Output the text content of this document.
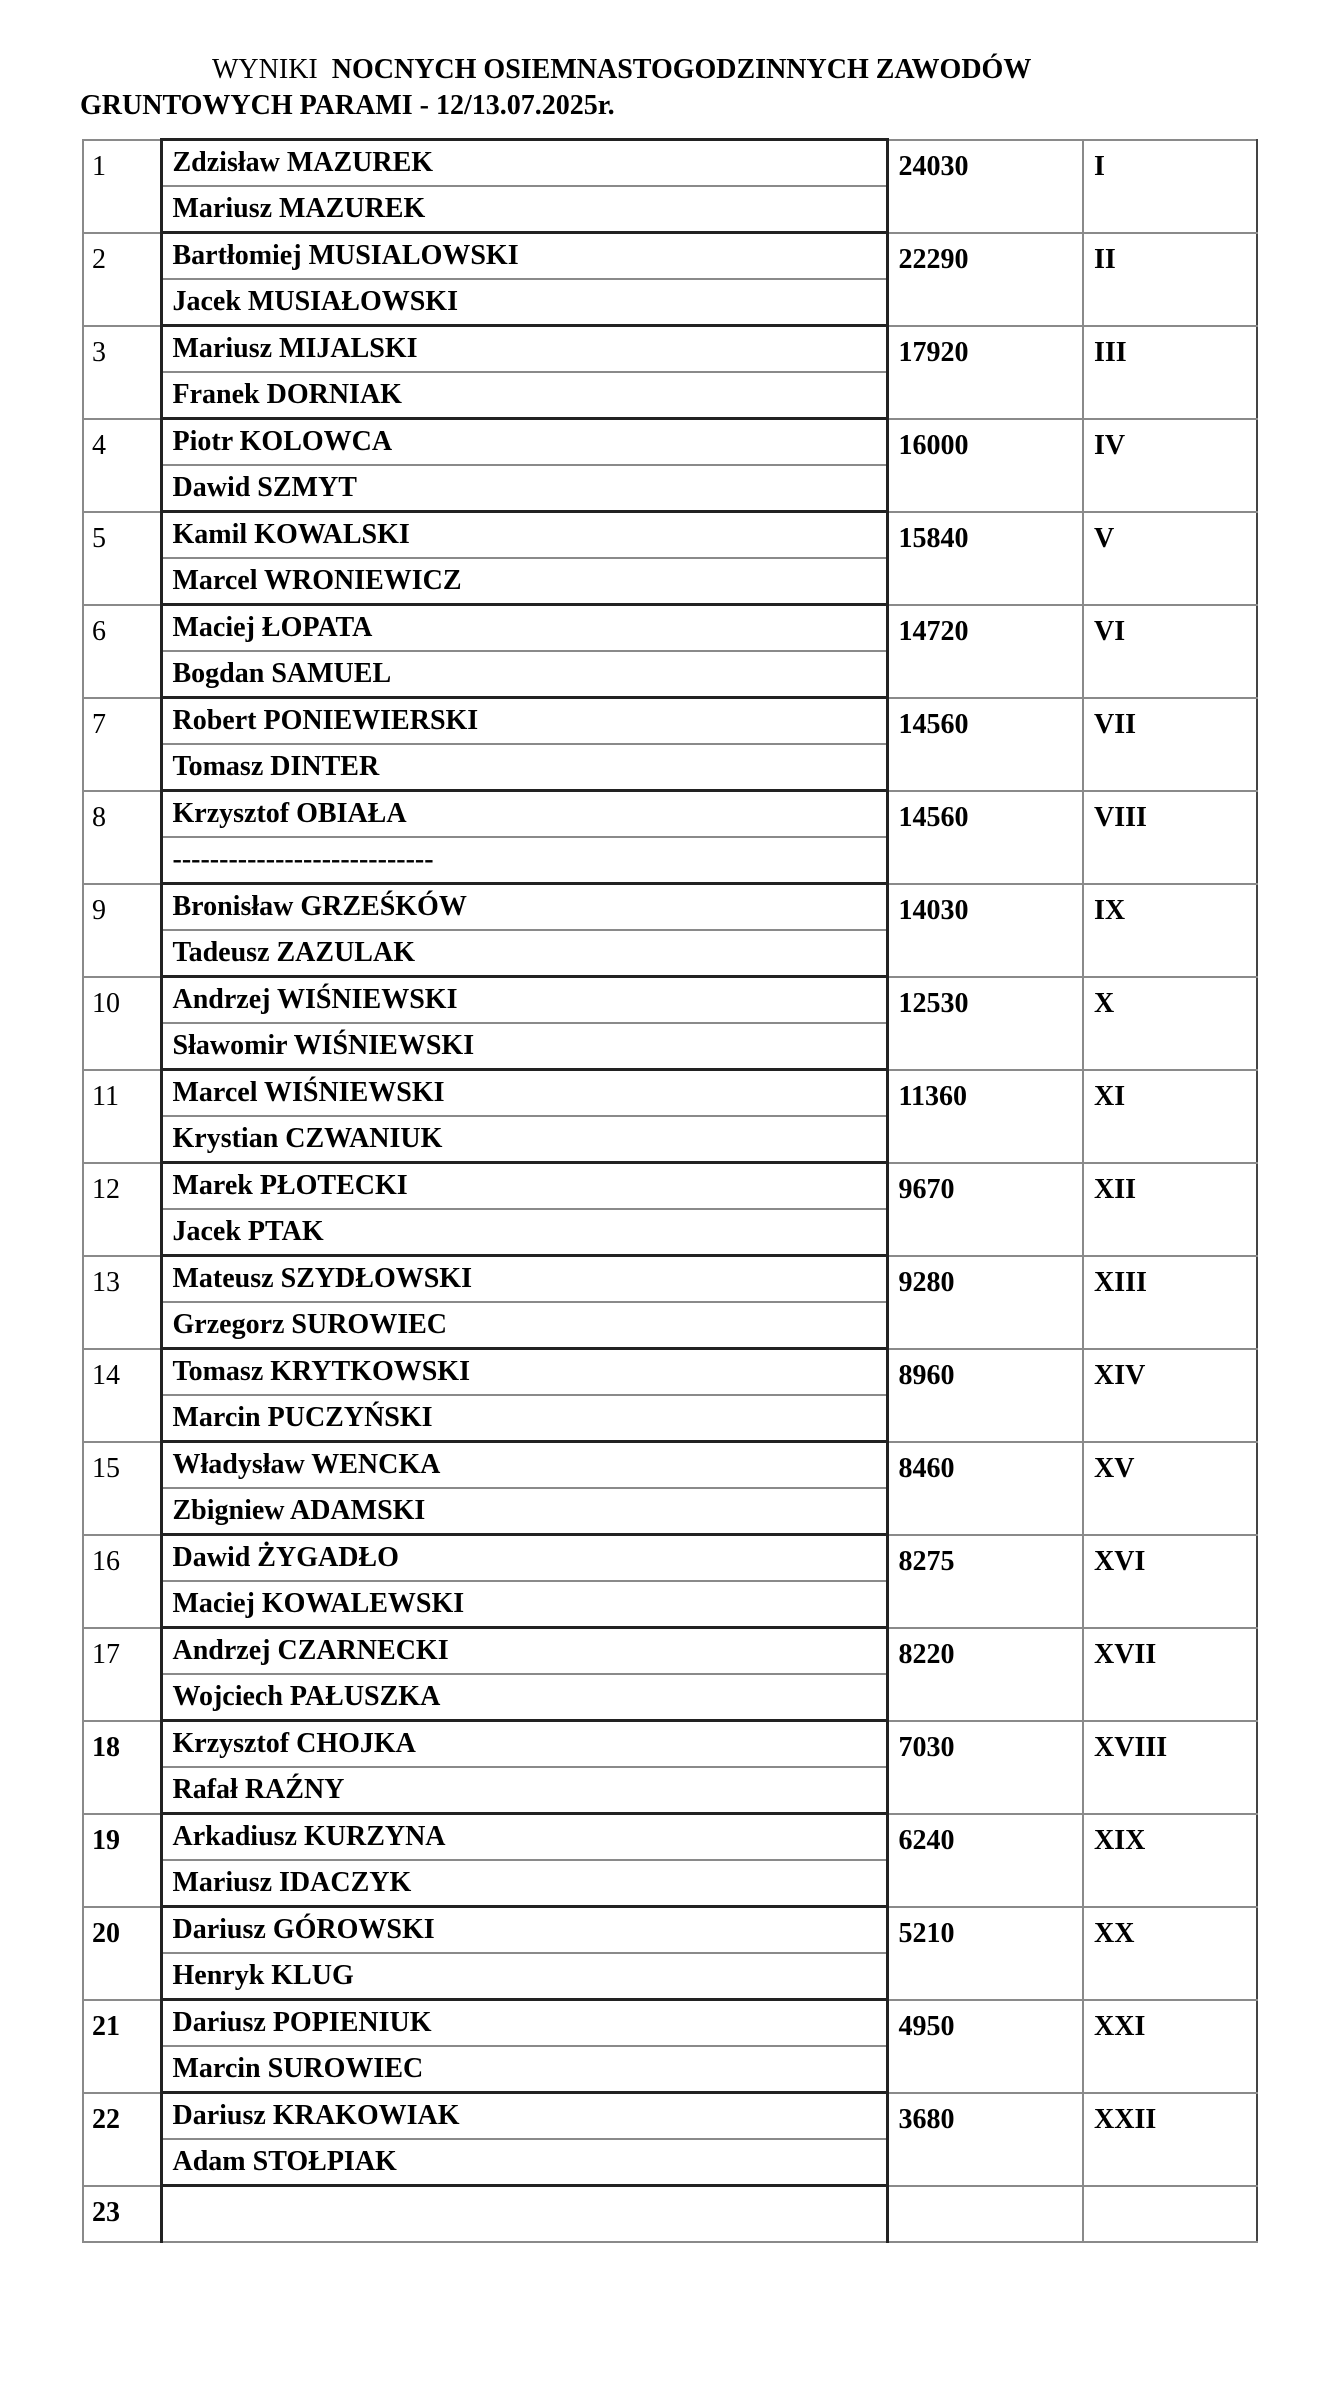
WYNIKI NOCNYCH OSIEMNASTOGODZINNYCH ZAWODÓW
GRUNTOWYCH PARAMI - 12/13.07.2025r.
1	Zdzisław MAZUREK	24030	I
	Mariusz MAZUREK		
2	Bartłomiej MUSIALOWSKI	22290	II
	Jacek MUSIAŁOWSKI		
3	Mariusz MIJALSKI	17920	III
	Franek DORNIAK		
4	Piotr KOLOWCA	16000	IV
	Dawid SZMYT		
5	Kamil KOWALSKI	15840	V
	Marcel WRONIEWICZ		
6	Maciej ŁOPATA	14720	VI
	Bogdan SAMUEL		
7	Robert PONIEWIERSKI	14560	VII
	Tomasz DINTER		
8	Krzysztof OBIAŁA	14560	VIII
	----------------------------		
9	Bronisław GRZEŚKÓW	14030	IX
	Tadeusz ZAZULAK		
10	Andrzej WIŚNIEWSKI	12530	X
	Sławomir WIŚNIEWSKI		
11	Marcel WIŚNIEWSKI	11360	XI
	Krystian CZWANIUK		
12	Marek PŁOTECKI	9670	XII
	Jacek PTAK		
13	Mateusz SZYDŁOWSKI	9280	XIII
	Grzegorz SUROWIEC		
14	Tomasz KRYTKOWSKI	8960	XIV
	Marcin PUCZYŃSKI		
15	Władysław WENCKA	8460	XV
	Zbigniew ADAMSKI		
16	Dawid ŻYGADŁO	8275	XVI
	Maciej KOWALEWSKI		
17	Andrzej CZARNECKI	8220	XVII
	Wojciech PAŁUSZKA		
18	Krzysztof CHOJKA	7030	XVIII
	Rafał RAŹNY		
19	Arkadiusz KURZYNA	6240	XIX
	Mariusz IDACZYK		
20	Dariusz GÓROWSKI	5210	XX
	Henryk KLUG		
21	Dariusz POPIENIUK	4950	XXI
	Marcin SUROWIEC		
22	Dariusz KRAKOWIAK	3680	XXII
	Adam STOŁPIAK		
23			
